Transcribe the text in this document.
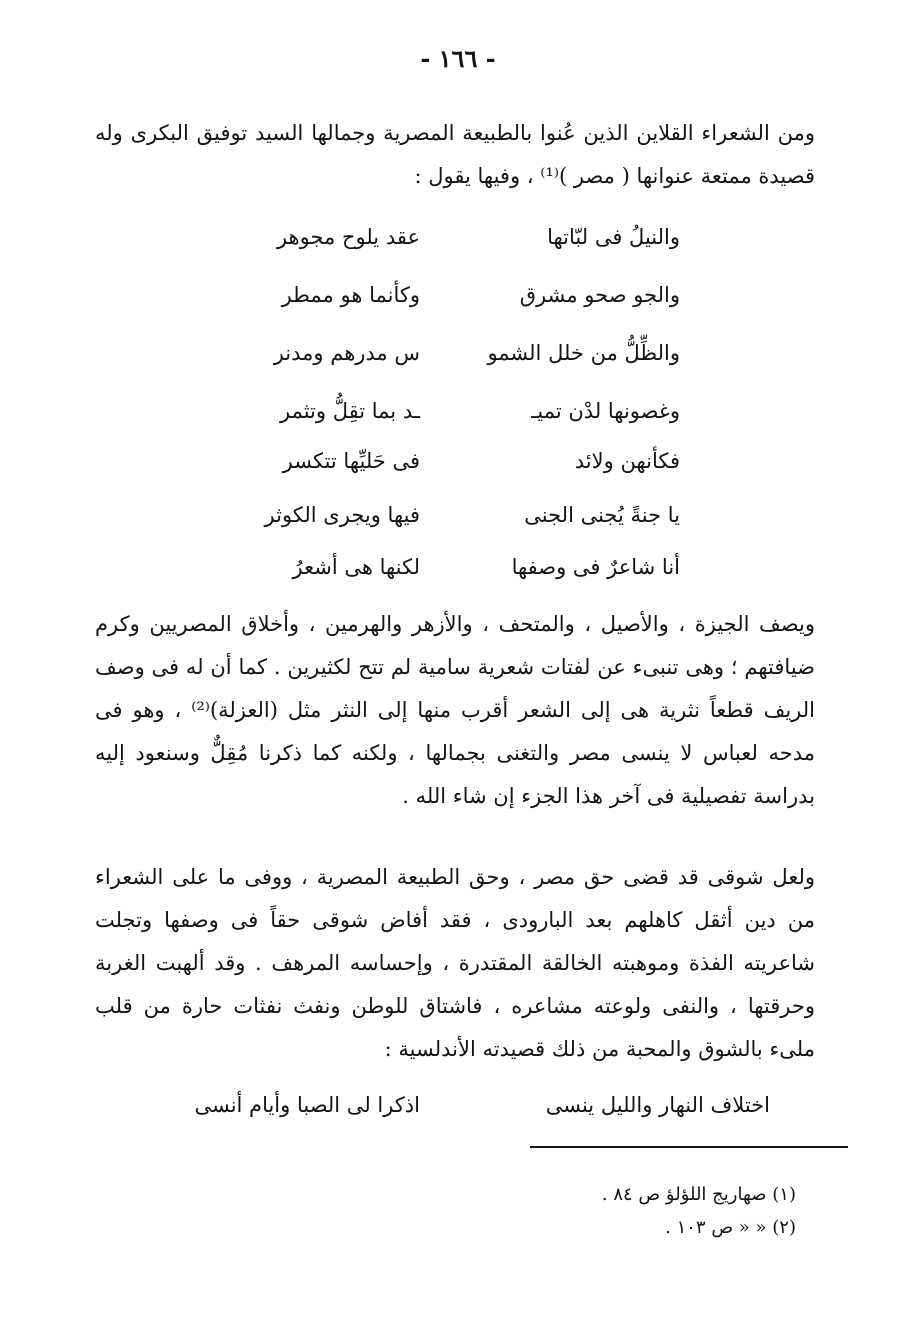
- ١٦٦ -
ومن الشعراء القلاين الذين عُنوا بالطبيعة المصرية وجمالها السيد توفيق البكرى وله قصيدة ممتعة عنوانها ( مصر )⁽¹⁾ ، وفيها يقول :
والنيلُ فى لبّاتها
عقد يلوح مجوهر
والجو صحو مشرق
وكأنما هو ممطر
والظِّلُّ من خلل الشمو
س مدرهم ومدنر
وغصونها لدْن تميـ
ـد بما تقِلُّ وتثمر
فكأنهن ولائد
فى حَليِّها تتكسر
يا جنةً يُجنى الجنى
فيها ويجرى الكوثر
أنا شاعرٌ فى وصفها
لكنها هى أشعرُ
ويصف الجيزة ، والأصيل ، والمتحف ، والأزهر والهرمين ، وأخلاق المصريين وكرم ضيافتهم ؛ وهى تنبىء عن لفتات شعرية سامية لم تتح لكثيرين . كما أن له فى وصف الريف قطعاً نثرية هى إلى الشعر أقرب منها إلى النثر مثل (العزلة)⁽²⁾ ، وهو فى مدحه لعباس لا ينسى مصر والتغنى بجمالها ، ولكنه كما ذكرنا مُقِلٌّ وسنعود إليه بدراسة تفصيلية فى آخر هذا الجزء إن شاء الله .
ولعل شوقى قد قضى حق مصر ، وحق الطبيعة المصرية ، ووفى ما على الشعراء من دين أثقل كاهلهم بعد البارودى ، فقد أفاض شوقى حقاً فى وصفها وتجلت شاعريته الفذة وموهبته الخالقة المقتدرة ، وإحساسه المرهف . وقد ألهبت الغربة وحرقتها ، والنفى ولوعته مشاعره ، فاشتاق للوطن ونفث نفثات حارة من قلب ملىء بالشوق والمحبة من ذلك قصيدته الأندلسية :
اختلاف النهار والليل ينسى
اذكرا لى الصبا وأيام أنسى
(١) صهاريج اللؤلؤ ص ٨٤ .
(٢) « « ص ١٠٣ .
